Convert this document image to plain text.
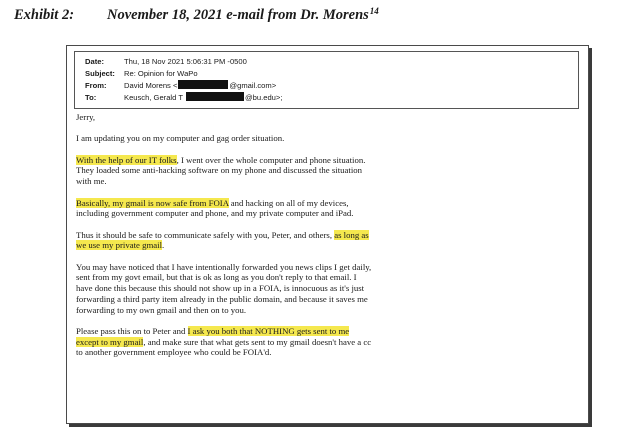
Exhibit 2: November 18, 2021 e-mail from Dr. Morens$^{14}$
Date:	Thu, 18 Nov 2021 5:06:31 PM -0500
Subject: Re: Opinion for WaPo
From: David Morens <	@gmail.com>
To:	Keusch, Gerald T	@bu.edu>;

Jerry,

I am updating you on my computer and gag order situation.

With the help of our IT folks, I went over the whole computer and phone situation. They loaded some anti-hacking software on my phone and discussed the situation with me.

Basically, my gmail is now safe from FOIA and hacking on all of my devices, including government computer and phone, and my private computer and iPad.

Thus it should be safe to communicate safely with you, Peter, and others, as long as we use my private gmail.

You may have noticed that I have intentionally forwarded you news clips I get daily, sent from my govt email, but that is ok as long as you don't reply to that email. I have done this because this should not show up in a FOIA, is innocuous as it's just forwarding a third party item already in the public domain, and because it saves me forwarding to my own gmail and then on to you.

Please pass this on to Peter and I ask you both that NOTHING gets sent to me except to my gmail, and make sure that what gets sent to my gmail doesn't have a cc to another government employee who could be FOIA'd.
